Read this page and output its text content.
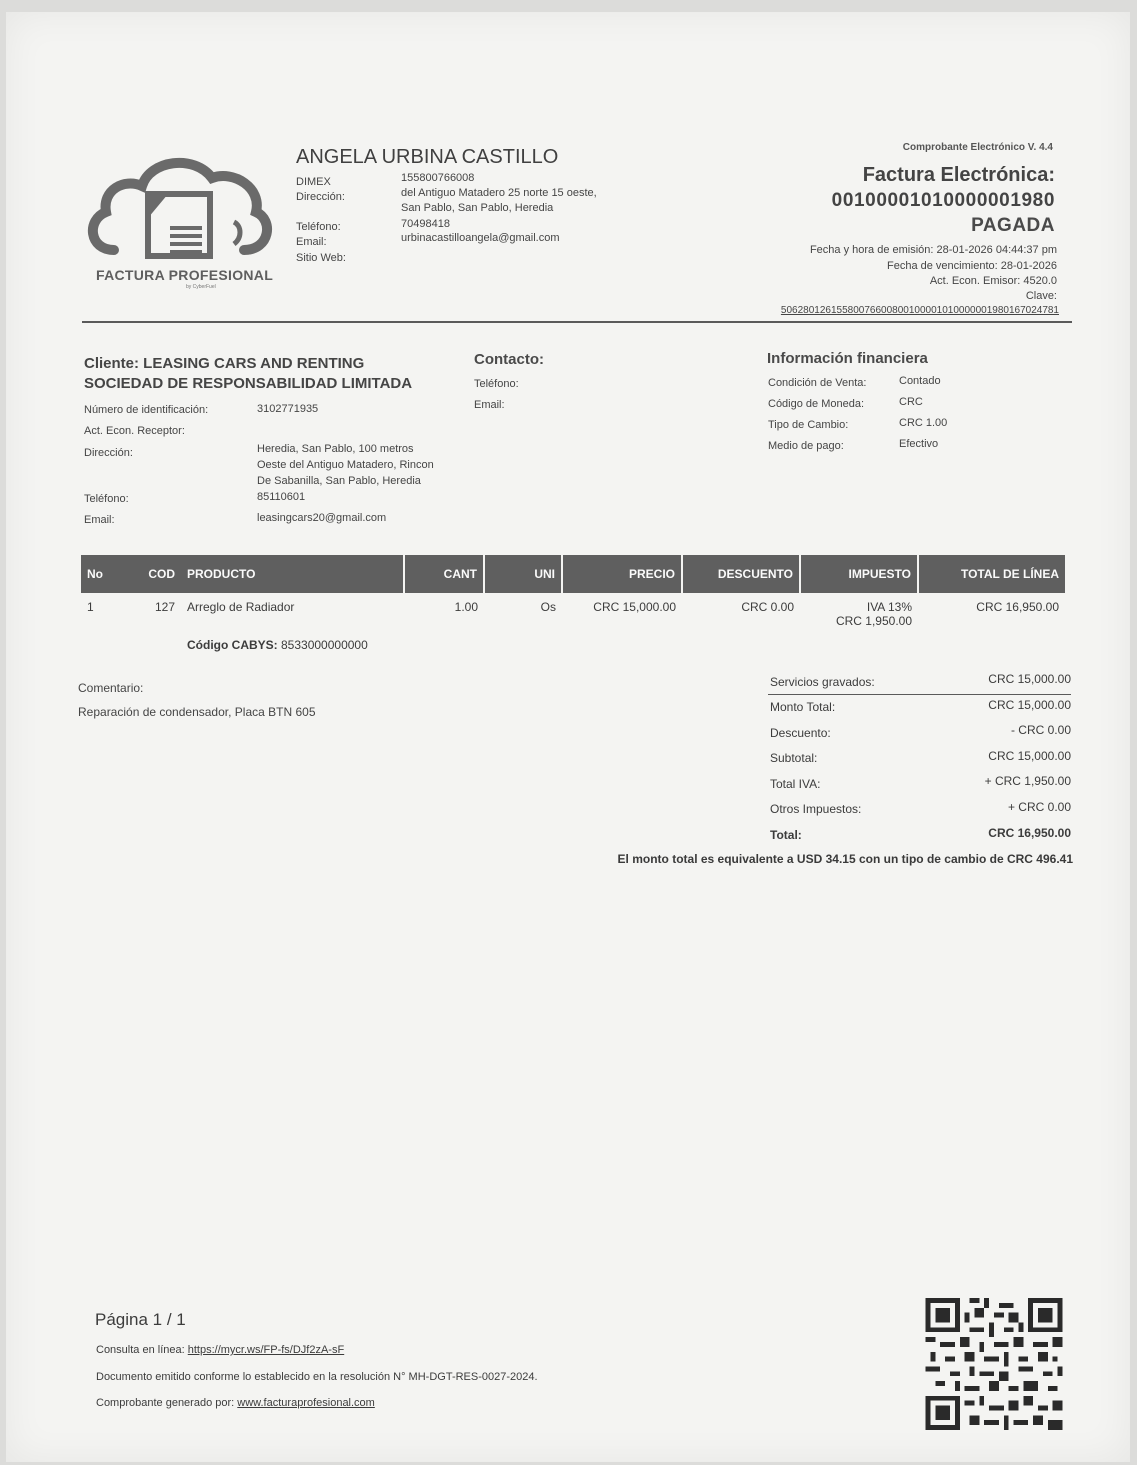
FACTURA PROFESIONAL
by CyberFuel
ANGELA URBINA CASTILLO
DIMEX	155800766008
Dirección:	del Antiguo Matadero 25 norte 15 oeste,
San Pablo, San Pablo, Heredia
Teléfono:	70498418
Email:	urbinacastilloangela@gmail.com
Sitio Web:
Comprobante Electrónico V. 4.4
Factura Electrónica:
00100001010000001980
PAGADA
Fecha y hora de emisión: 28-01-2026 04:44:37 pm
Fecha de vencimiento: 28-01-2026
Act. Econ. Emisor: 4520.0
Clave:
50628012615580076600800100001010000001980167024781
Cliente: LEASING CARS AND RENTING
SOCIEDAD DE RESPONSABILIDAD LIMITADA
Número de identificación:	3102771935
Act. Econ. Receptor:
Dirección:	Heredia, San Pablo, 100 metros
Oeste del Antiguo Matadero, Rincon
De Sabanilla, San Pablo, Heredia
Teléfono:	85110601
Email:	leasingcars20@gmail.com
Contacto:
Teléfono:
Email:
Información financiera
Condición de Venta:	Contado
Código de Moneda:	CRC
Tipo de Cambio:	CRC 1.00
Medio de pago:	Efectivo
No	COD	PRODUCTO	CANT	UNI	PRECIO	DESCUENTO	IMPUESTO	TOTAL DE LÍNEA
1	127	Arreglo de Radiador	1.00	Os	CRC 15,000.00	CRC 0.00	IVA 13%
CRC 1,950.00	CRC 16,950.00
		Código CABYS: 8533000000000						
Comentario:
Reparación de condensador, Placa BTN 605
Servicios gravados:	CRC 15,000.00
Monto Total:	CRC 15,000.00
Descuento:	- CRC 0.00
Subtotal:	CRC 15,000.00
Total IVA:	+ CRC 1,950.00
Otros Impuestos:	+ CRC 0.00
Total:	CRC 16,950.00
El monto total es equivalente a USD 34.15 con un tipo de cambio de CRC 496.41
Página 1 / 1
Consulta en línea: https://mycr.ws/FP-fs/DJf2zA-sF
Documento emitido conforme lo establecido en la resolución N° MH-DGT-RES-0027-2024.
Comprobante generado por: www.facturaprofesional.com
